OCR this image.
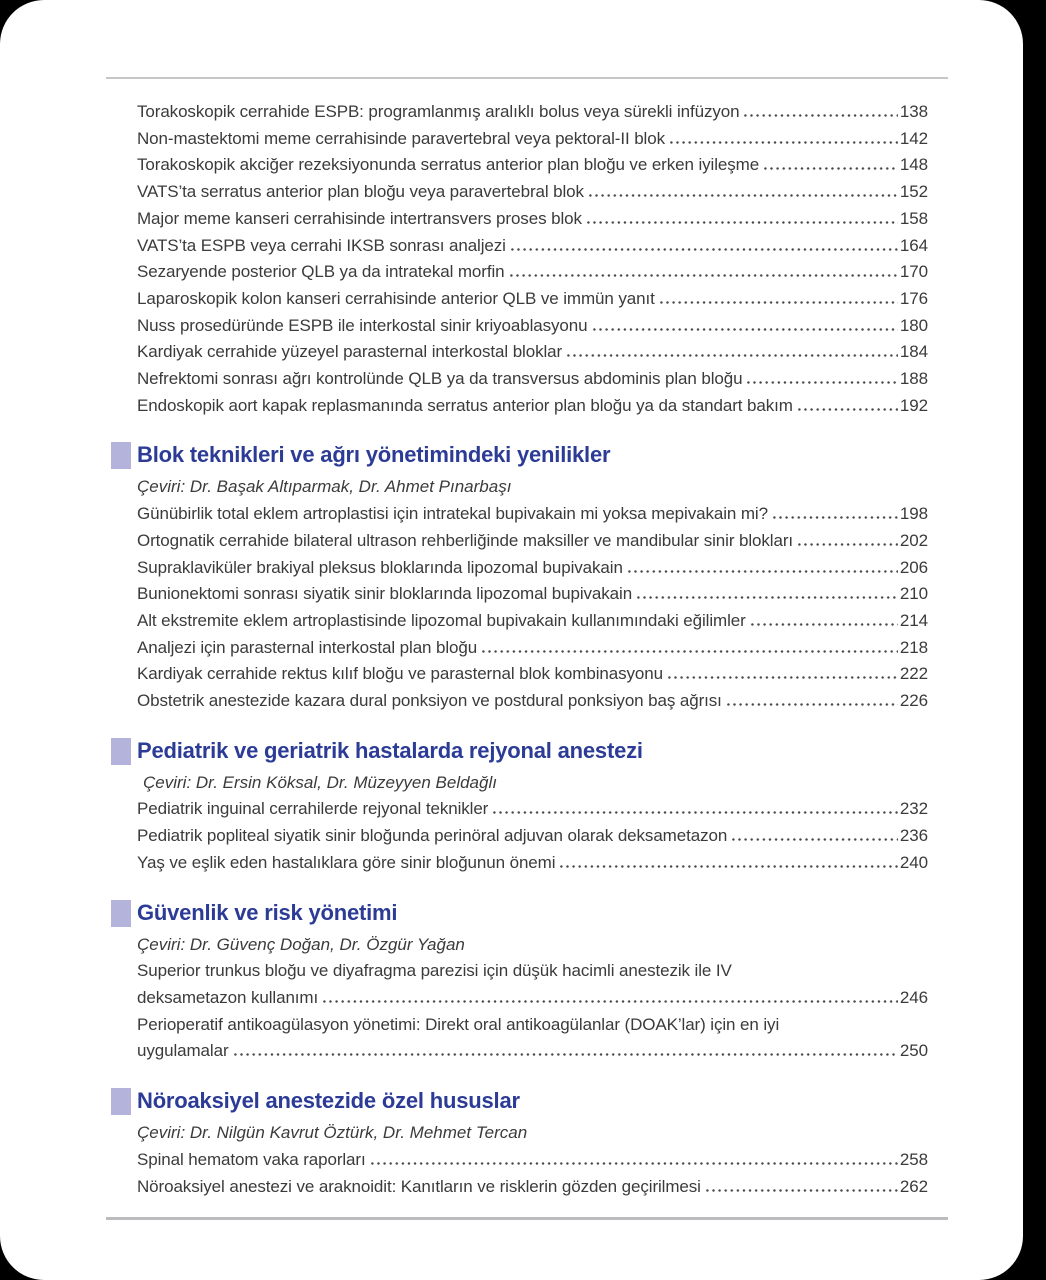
Torakoskopik cerrahide ESPB: programlanmış aralıklı bolus veya sürekli infüzyon	138
Non-mastektomi meme cerrahisinde paravertebral veya pektoral-II blok	142
Torakoskopik akciğer rezeksiyonunda serratus anterior plan bloğu ve erken iyileşme	148
VATS’ta serratus anterior plan bloğu veya paravertebral blok	152
Major meme kanseri cerrahisinde intertransvers proses blok	158
VATS’ta ESPB veya cerrahi IKSB sonrası analjezi	164
Sezaryende posterior QLB ya da intratekal morfin	170
Laparoskopik kolon kanseri cerrahisinde anterior QLB ve immün yanıt	176
Nuss prosedüründe ESPB ile interkostal sinir kriyoablasyonu	180
Kardiyak cerrahide yüzeyel parasternal interkostal bloklar	184
Nefrektomi sonrası ağrı kontrolünde QLB ya da transversus abdominis plan bloğu	188
Endoskopik aort kapak replasmanında serratus anterior plan bloğu ya da standart bakım	192
Blok teknikleri ve ağrı yönetimindeki yenilikler
Çeviri: Dr. Başak Altıparmak, Dr. Ahmet Pınarbaşı
Günübirlik total eklem artroplastisi için intratekal bupivakain mi yoksa mepivakain mi?	198
Ortognatik cerrahide bilateral ultrason rehberliğinde maksiller ve mandibular sinir blokları	202
Supraklaviküler brakiyal pleksus bloklarında lipozomal bupivakain	206
Bunionektomi sonrası siyatik sinir bloklarında lipozomal bupivakain	210
Alt ekstremite eklem artroplastisinde lipozomal bupivakain kullanımındaki eğilimler	214
Analjezi için parasternal interkostal plan bloğu	218
Kardiyak cerrahide rektus kılıf bloğu ve parasternal blok kombinasyonu	222
Obstetrik anestezide kazara dural ponksiyon ve postdural ponksiyon baş ağrısı	226
Pediatrik ve geriatrik hastalarda rejyonal anestezi
Çeviri: Dr. Ersin Köksal, Dr. Müzeyyen Beldağlı
Pediatrik inguinal cerrahilerde rejyonal teknikler	232
Pediatrik popliteal siyatik sinir bloğunda perinöral adjuvan olarak deksametazon	236
Yaş ve eşlik eden hastalıklara göre sinir bloğunun önemi	240
Güvenlik ve risk yönetimi
Çeviri: Dr. Güvenç Doğan, Dr. Özgür Yağan
Superior trunkus bloğu ve diyafragma parezisi için düşük hacimli anestezik ile IV
deksametazon kullanımı	246
Perioperatif antikoagülasyon yönetimi: Direkt oral antikoagülanlar (DOAK’lar) için en iyi
uygulamalar	250
Nöroaksiyel anestezide özel hususlar
Çeviri: Dr. Nilgün Kavrut Öztürk, Dr. Mehmet Tercan
Spinal hematom vaka raporları	258
Nöroaksiyel anestezi ve araknoidit: Kanıtların ve risklerin gözden geçirilmesi	262
